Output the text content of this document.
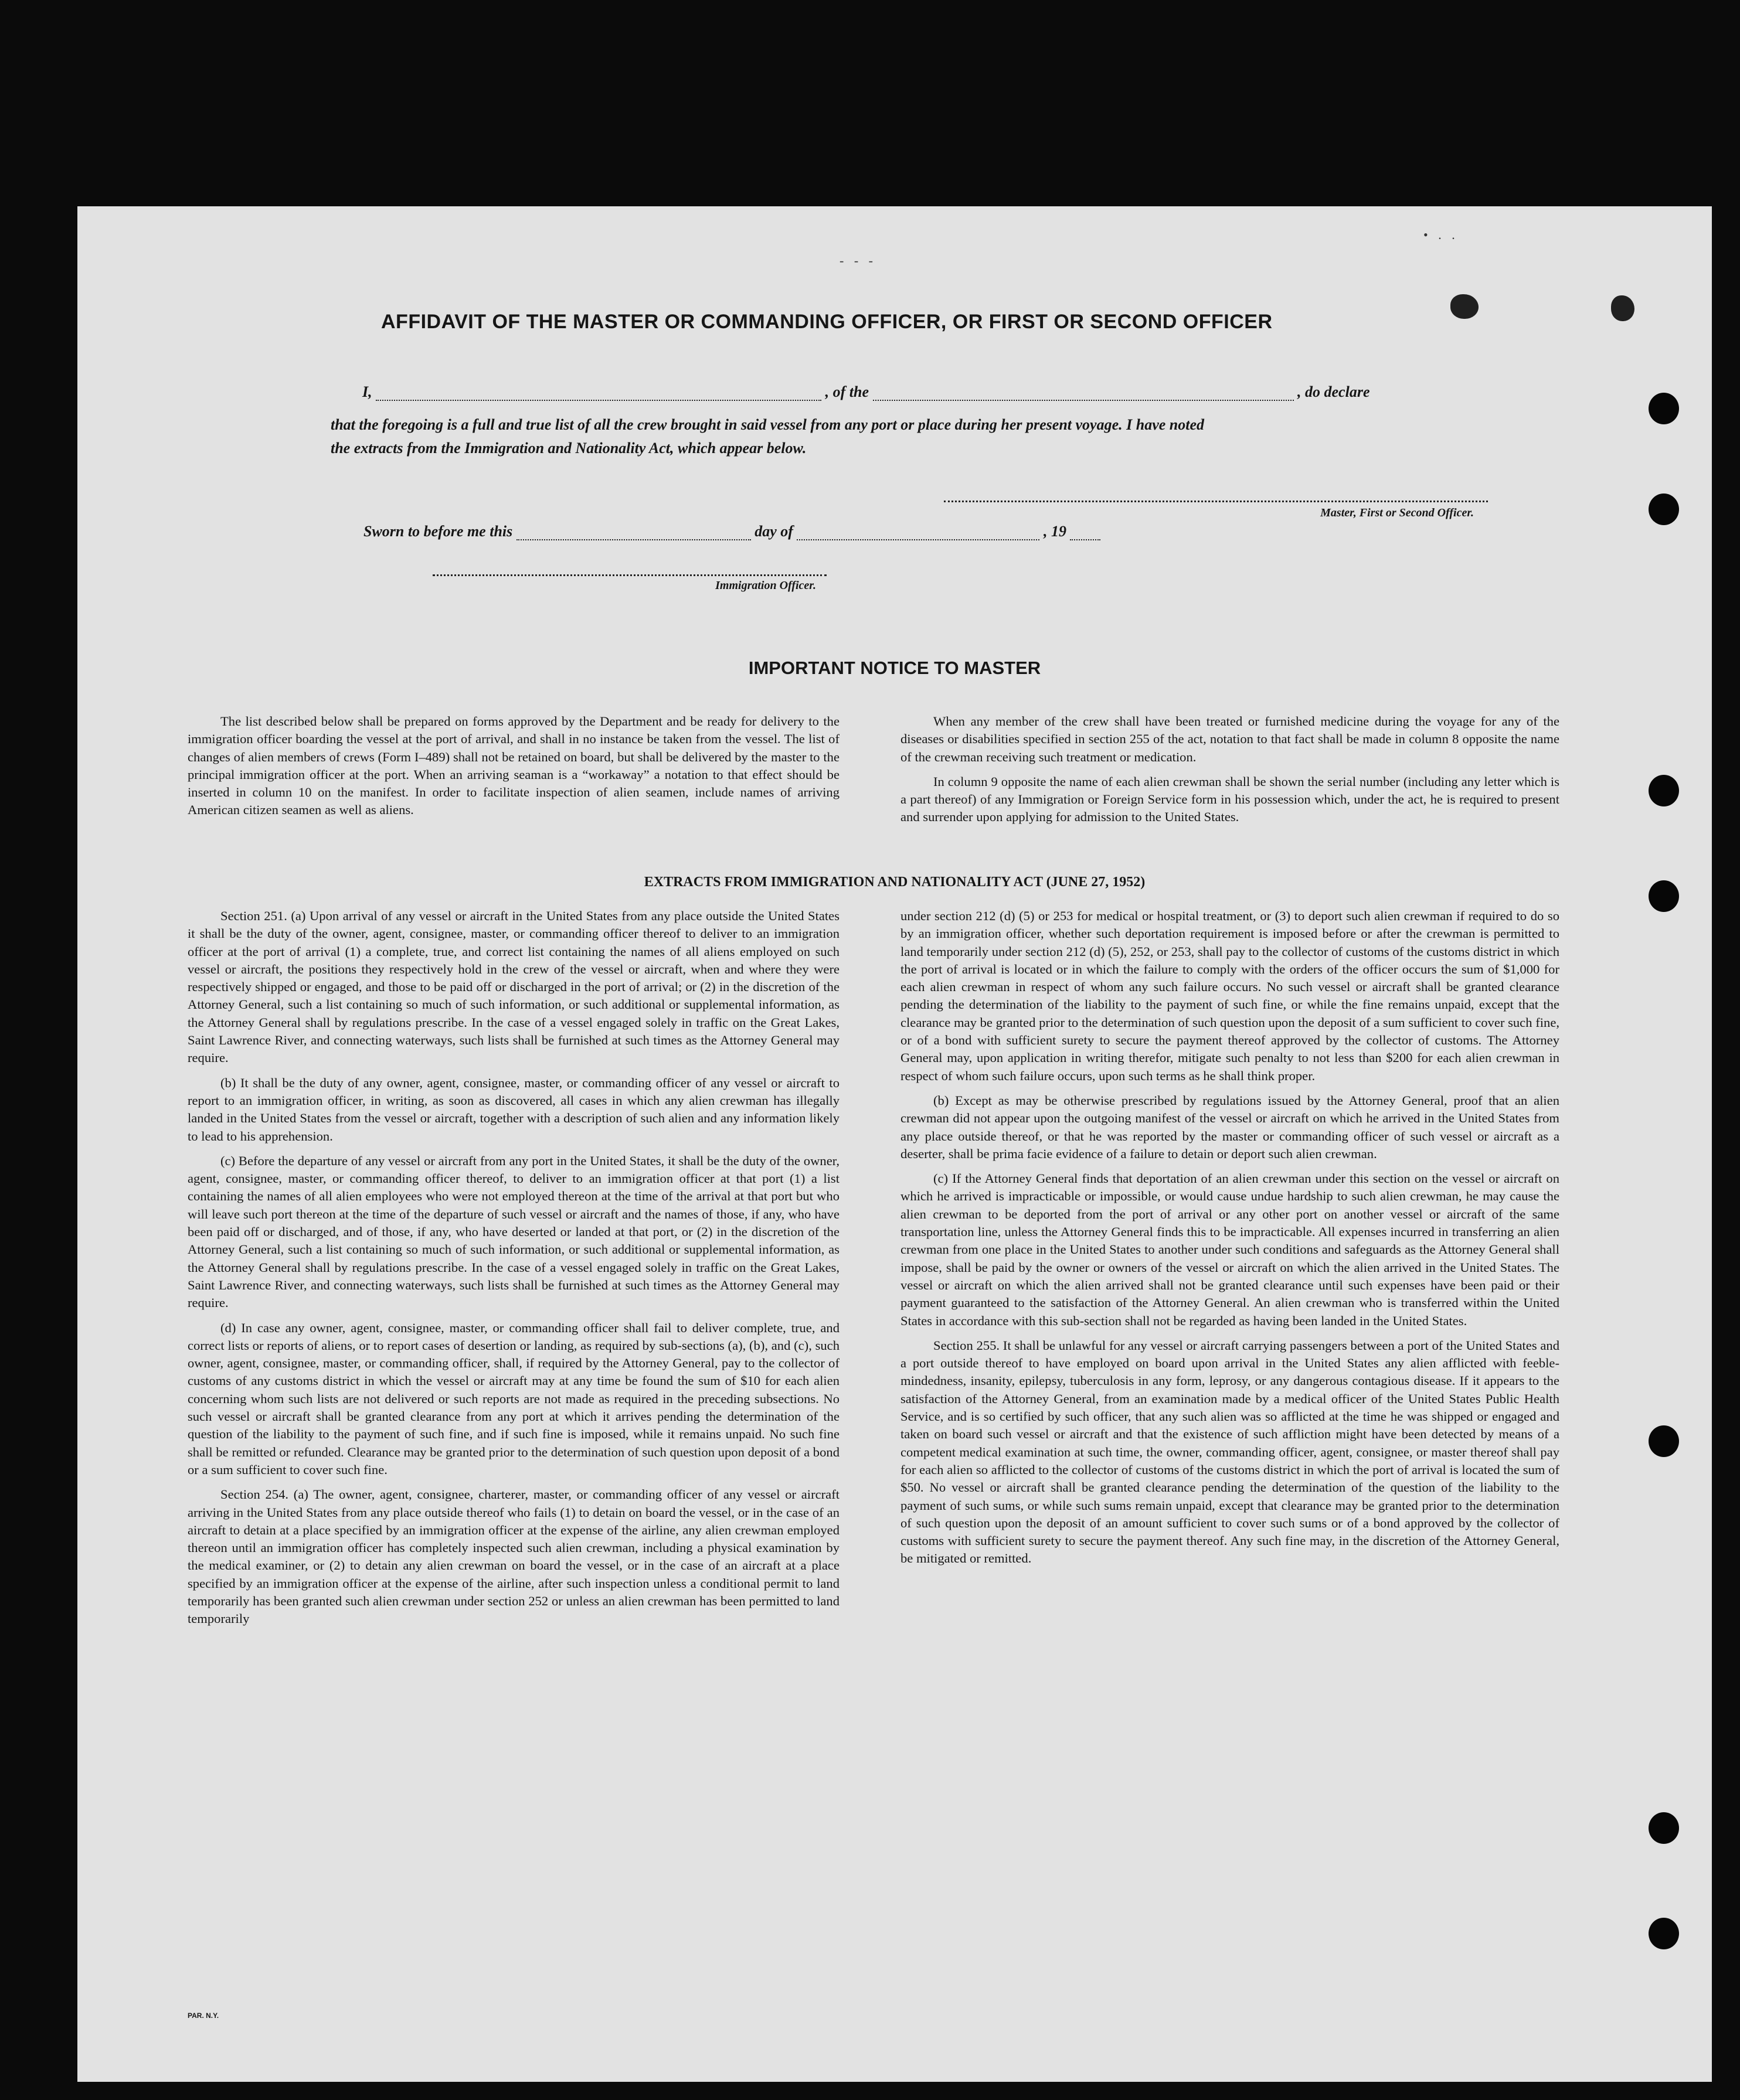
- - -
• . .
AFFIDAVIT OF THE MASTER OR COMMANDING OFFICER, OR FIRST OR SECOND OFFICER
I,	, of the	, do declare
that the foregoing is a full and true list of all the crew brought in said vessel from any port or place during her present voyage. I have noted
the extracts from the Immigration and Nationality Act, which appear below.
Master, First or Second Officer.
Sworn to before me this	day of	, 19
Immigration Officer.
IMPORTANT NOTICE TO MASTER

The list described below shall be prepared on forms approved by the Department and be ready for delivery to the immigration officer boarding the vessel at the port of arrival, and shall in no instance be taken from the vessel. The list of changes of alien members of crews (Form I–489) shall not be retained on board, but shall be delivered by the master to the principal immigration officer at the port. When an arriving seaman is a “workaway” a notation to that effect should be inserted in column 10 on the manifest. In order to facilitate inspection of alien seamen, include names of arriving American citizen seamen as well as aliens.

When any member of the crew shall have been treated or furnished medicine during the voyage for any of the diseases or disabilities specified in section 255 of the act, notation to that fact shall be made in column 8 opposite the name of the crewman receiving such treatment or medication.

In column 9 opposite the name of each alien crewman shall be shown the serial number (including any letter which is a part thereof) of any Immigration or Foreign Service form in his possession which, under the act, he is required to present and surrender upon applying for admission to the United States.

EXTRACTS FROM IMMIGRATION AND NATIONALITY ACT (JUNE 27, 1952)

Section 251. (a) Upon arrival of any vessel or aircraft in the United States from any place outside the United States it shall be the duty of the owner, agent, consignee, master, or commanding officer thereof to deliver to an immigration officer at the port of arrival (1) a complete, true, and correct list containing the names of all aliens employed on such vessel or aircraft, the positions they respectively hold in the crew of the vessel or aircraft, when and where they were respectively shipped or engaged, and those to be paid off or discharged in the port of arrival; or (2) in the discretion of the Attorney General, such a list containing so much of such information, or such additional or supplemental information, as the Attorney General shall by regulations prescribe. In the case of a vessel engaged solely in traffic on the Great Lakes, Saint Lawrence River, and connecting waterways, such lists shall be furnished at such times as the Attorney General may require.

(b) It shall be the duty of any owner, agent, consignee, master, or commanding officer of any vessel or aircraft to report to an immigration officer, in writing, as soon as discovered, all cases in which any alien crewman has illegally landed in the United States from the vessel or aircraft, together with a description of such alien and any information likely to lead to his apprehension.

(c) Before the departure of any vessel or aircraft from any port in the United States, it shall be the duty of the owner, agent, consignee, master, or commanding officer thereof, to deliver to an immigration officer at that port (1) a list containing the names of all alien employees who were not employed thereon at the time of the arrival at that port but who will leave such port thereon at the time of the departure of such vessel or aircraft and the names of those, if any, who have been paid off or discharged, and of those, if any, who have deserted or landed at that port, or (2) in the discretion of the Attorney General, such a list containing so much of such information, or such additional or supplemental information, as the Attorney General shall by regulations prescribe. In the case of a vessel engaged solely in traffic on the Great Lakes, Saint Lawrence River, and connecting waterways, such lists shall be furnished at such times as the Attorney General may require.

(d) In case any owner, agent, consignee, master, or commanding officer shall fail to deliver complete, true, and correct lists or reports of aliens, or to report cases of desertion or landing, as required by sub-sections (a), (b), and (c), such owner, agent, consignee, master, or commanding officer, shall, if required by the Attorney General, pay to the collector of customs of any customs district in which the vessel or aircraft may at any time be found the sum of $10 for each alien concerning whom such lists are not delivered or such reports are not made as required in the preceding subsections. No such vessel or aircraft shall be granted clearance from any port at which it arrives pending the determination of the question of the liability to the payment of such fine, and if such fine is imposed, while it remains unpaid. No such fine shall be remitted or refunded. Clearance may be granted prior to the determination of such question upon deposit of a bond or a sum sufficient to cover such fine.

Section 254. (a) The owner, agent, consignee, charterer, master, or commanding officer of any vessel or aircraft arriving in the United States from any place outside thereof who fails (1) to detain on board the vessel, or in the case of an aircraft to detain at a place specified by an immigration officer at the expense of the airline, any alien crewman employed thereon until an immigration officer has completely inspected such alien crewman, including a physical examination by the medical examiner, or (2) to detain any alien crewman on board the vessel, or in the case of an aircraft at a place specified by an immigration officer at the expense of the airline, after such inspection unless a conditional permit to land temporarily has been granted such alien crewman under section 252 or unless an alien crewman has been permitted to land temporarily

under section 212 (d) (5) or 253 for medical or hospital treatment, or (3) to deport such alien crewman if required to do so by an immigration officer, whether such deportation requirement is imposed before or after the crewman is permitted to land temporarily under section 212 (d) (5), 252, or 253, shall pay to the collector of customs of the customs district in which the port of arrival is located or in which the failure to comply with the orders of the officer occurs the sum of $1,000 for each alien crewman in respect of whom any such failure occurs. No such vessel or aircraft shall be granted clearance pending the determination of the liability to the payment of such fine, or while the fine remains unpaid, except that the clearance may be granted prior to the determination of such question upon the deposit of a sum sufficient to cover such fine, or of a bond with sufficient surety to secure the payment thereof approved by the collector of customs. The Attorney General may, upon application in writing therefor, mitigate such penalty to not less than $200 for each alien crewman in respect of whom such failure occurs, upon such terms as he shall think proper.

(b) Except as may be otherwise prescribed by regulations issued by the Attorney General, proof that an alien crewman did not appear upon the outgoing manifest of the vessel or aircraft on which he arrived in the United States from any place outside thereof, or that he was reported by the master or commanding officer of such vessel or aircraft as a deserter, shall be prima facie evidence of a failure to detain or deport such alien crewman.

(c) If the Attorney General finds that deportation of an alien crewman under this section on the vessel or aircraft on which he arrived is impracticable or impossible, or would cause undue hardship to such alien crewman, he may cause the alien crewman to be deported from the port of arrival or any other port on another vessel or aircraft of the same transportation line, unless the Attorney General finds this to be impracticable. All expenses incurred in transferring an alien crewman from one place in the United States to another under such conditions and safeguards as the Attorney General shall impose, shall be paid by the owner or owners of the vessel or aircraft on which the alien arrived in the United States. The vessel or aircraft on which the alien arrived shall not be granted clearance until such expenses have been paid or their payment guaranteed to the satisfaction of the Attorney General. An alien crewman who is transferred within the United States in accordance with this sub-section shall not be regarded as having been landed in the United States.

Section 255. It shall be unlawful for any vessel or aircraft carrying passengers between a port of the United States and a port outside thereof to have employed on board upon arrival in the United States any alien afflicted with feeble-mindedness, insanity, epilepsy, tuberculosis in any form, leprosy, or any dangerous contagious disease. If it appears to the satisfaction of the Attorney General, from an examination made by a medical officer of the United States Public Health Service, and is so certified by such officer, that any such alien was so afflicted at the time he was shipped or engaged and taken on board such vessel or aircraft and that the existence of such affliction might have been detected by means of a competent medical examination at such time, the owner, commanding officer, agent, consignee, or master thereof shall pay for each alien so afflicted to the collector of customs of the customs district in which the port of arrival is located the sum of $50. No vessel or aircraft shall be granted clearance pending the determination of the question of the liability to the payment of such sums, or while such sums remain unpaid, except that clearance may be granted prior to the determination of such question upon the deposit of an amount sufficient to cover such sums or of a bond approved by the collector of customs with sufficient surety to secure the payment thereof. Any such fine may, in the discretion of the Attorney General, be mitigated or remitted.

PAR. N.Y.
